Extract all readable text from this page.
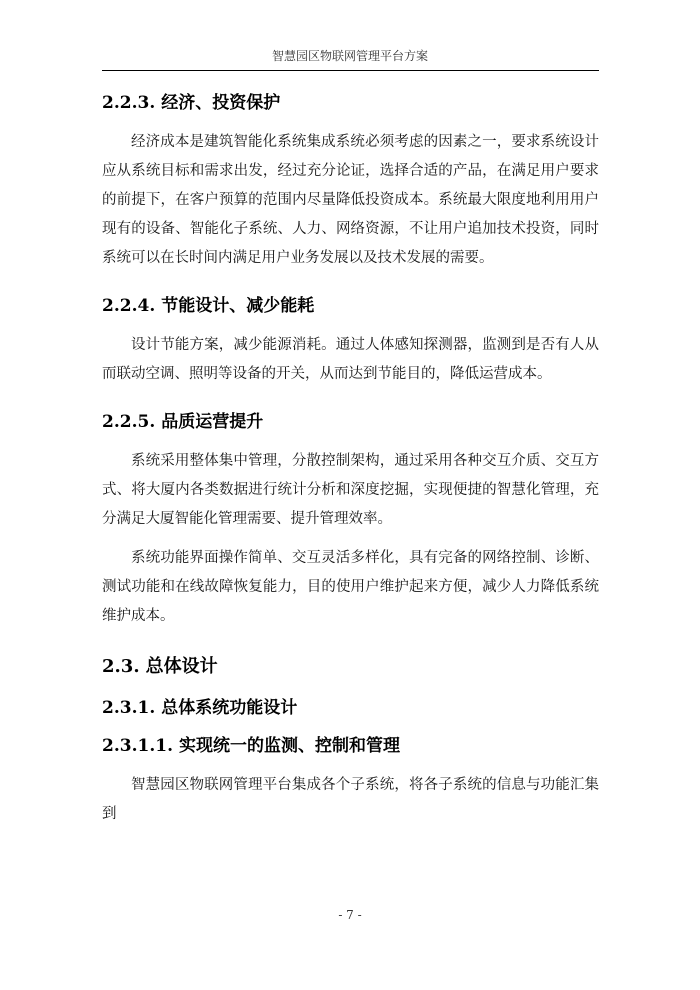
智慧园区物联网管理平台方案
2.2.3. 经济、投资保护

经济成本是建筑智能化系统集成系统必须考虑的因素之一，要求系统设计应从系统目标和需求出发，经过充分论证，选择合适的产品，在满足用户要求的前提下，在客户预算的范围内尽量降低投资成本。系统最大限度地利用用户现有的设备、智能化子系统、人力、网络资源，不让用户追加技术投资，同时系统可以在长时间内满足用户业务发展以及技术发展的需要。

2.2.4. 节能设计、减少能耗

设计节能方案，减少能源消耗。通过人体感知探测器，监测到是否有人从而联动空调、照明等设备的开关，从而达到节能目的，降低运营成本。

2.2.5. 品质运营提升

系统采用整体集中管理，分散控制架构，通过采用各种交互介质、交互方式、将大厦内各类数据进行统计分析和深度挖掘，实现便捷的智慧化管理，充分满足大厦智能化管理需要、提升管理效率。

系统功能界面操作简单、交互灵活多样化，具有完备的网络控制、诊断、测试功能和在线故障恢复能力，目的使用户维护起来方便，减少人力降低系统维护成本。

2.3. 总体设计
2.3.1. 总体系统功能设计
2.3.1.1. 实现统一的监测、控制和管理

智慧园区物联网管理平台集成各个子系统，将各子系统的信息与功能汇集到

- 7 -
